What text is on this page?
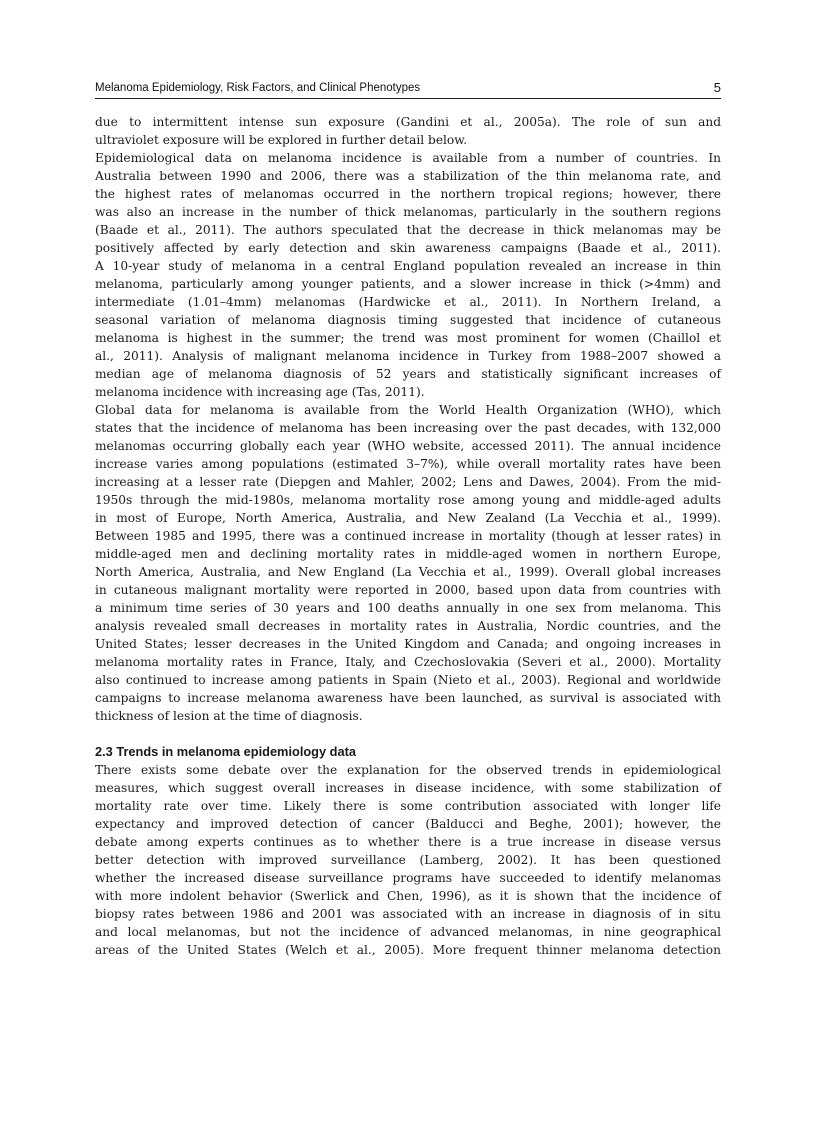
Melanoma Epidemiology, Risk Factors, and Clinical Phenotypes	5
due to intermittent intense sun exposure (Gandini et al., 2005a). The role of sun and
ultraviolet exposure will be explored in further detail below.
Epidemiological data on melanoma incidence is available from a number of countries. In
Australia between 1990 and 2006, there was a stabilization of the thin melanoma rate, and
the highest rates of melanomas occurred in the northern tropical regions; however, there
was also an increase in the number of thick melanomas, particularly in the southern regions
(Baade et al., 2011). The authors speculated that the decrease in thick melanomas may be
positively affected by early detection and skin awareness campaigns (Baade et al., 2011).
A 10-year study of melanoma in a central England population revealed an increase in thin
melanoma, particularly among younger patients, and a slower increase in thick (>4mm) and
intermediate (1.01–4mm) melanomas (Hardwicke et al., 2011). In Northern Ireland, a
seasonal variation of melanoma diagnosis timing suggested that incidence of cutaneous
melanoma is highest in the summer; the trend was most prominent for women (Chaillol et
al., 2011). Analysis of malignant melanoma incidence in Turkey from 1988–2007 showed a
median age of melanoma diagnosis of 52 years and statistically significant increases of
melanoma incidence with increasing age (Tas, 2011).
Global data for melanoma is available from the World Health Organization (WHO), which
states that the incidence of melanoma has been increasing over the past decades, with 132,000
melanomas occurring globally each year (WHO website, accessed 2011). The annual incidence
increase varies among populations (estimated 3–7%), while overall mortality rates have been
increasing at a lesser rate (Diepgen and Mahler, 2002; Lens and Dawes, 2004). From the mid-
1950s through the mid-1980s, melanoma mortality rose among young and middle-aged adults
in most of Europe, North America, Australia, and New Zealand (La Vecchia et al., 1999).
Between 1985 and 1995, there was a continued increase in mortality (though at lesser rates) in
middle-aged men and declining mortality rates in middle-aged women in northern Europe,
North America, Australia, and New England (La Vecchia et al., 1999). Overall global increases
in cutaneous malignant mortality were reported in 2000, based upon data from countries with
a minimum time series of 30 years and 100 deaths annually in one sex from melanoma. This
analysis revealed small decreases in mortality rates in Australia, Nordic countries, and the
United States; lesser decreases in the United Kingdom and Canada; and ongoing increases in
melanoma mortality rates in France, Italy, and Czechoslovakia (Severi et al., 2000). Mortality
also continued to increase among patients in Spain (Nieto et al., 2003). Regional and worldwide
campaigns to increase melanoma awareness have been launched, as survival is associated with
thickness of lesion at the time of diagnosis.
2.3 Trends in melanoma epidemiology data
There exists some debate over the explanation for the observed trends in epidemiological
measures, which suggest overall increases in disease incidence, with some stabilization of
mortality rate over time. Likely there is some contribution associated with longer life
expectancy and improved detection of cancer (Balducci and Beghe, 2001); however, the
debate among experts continues as to whether there is a true increase in disease versus
better detection with improved surveillance (Lamberg, 2002). It has been questioned
whether the increased disease surveillance programs have succeeded to identify melanomas
with more indolent behavior (Swerlick and Chen, 1996), as it is shown that the incidence of
biopsy rates between 1986 and 2001 was associated with an increase in diagnosis of in situ
and local melanomas, but not the incidence of advanced melanomas, in nine geographical
areas of the United States (Welch et al., 2005). More frequent thinner melanoma detection
